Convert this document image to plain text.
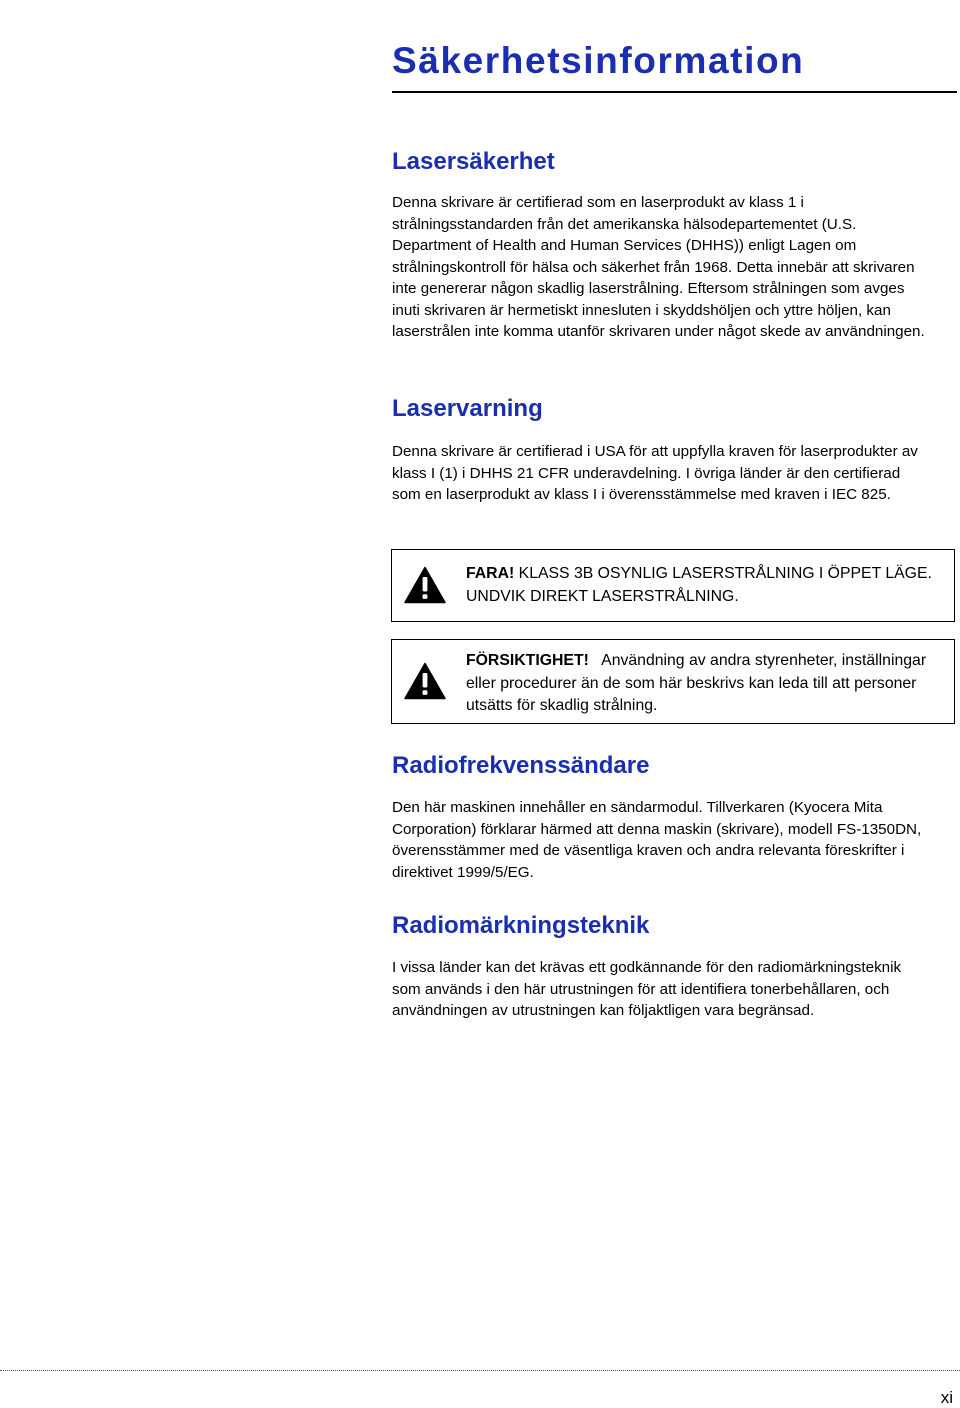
Säkerhetsinformation
Lasersäkerhet

Denna skrivare är certifierad som en laserprodukt av klass 1 i strålningsstandarden från det amerikanska hälsodepartementet (U.S. Department of Health and Human Services (DHHS)) enligt Lagen om strålningskontroll för hälsa och säkerhet från 1968. Detta innebär att skrivaren inte genererar någon skadlig laserstrålning. Eftersom strålningen som avges inuti skrivaren är hermetiskt innesluten i skyddshöljen och yttre höljen, kan laserstrålen inte komma utanför skrivaren under något skede av användningen.

Laservarning

Denna skrivare är certifierad i USA för att uppfylla kraven för laserprodukter av klass I (1) i DHHS 21 CFR underavdelning. I övriga länder är den certifierad som en laserprodukt av klass I i överensstämmelse med kraven i IEC 825.

FARA! KLASS 3B OSYNLIG LASERSTRÅLNING I ÖPPET LÄGE. UNDVIK DIREKT LASERSTRÅLNING.

FÖRSIKTIGHET!   Användning av andra styrenheter, inställningar eller procedurer än de som här beskrivs kan leda till att personer utsätts för skadlig strålning.

Radiofrekvenssändare

Den här maskinen innehåller en sändarmodul. Tillverkaren (Kyocera Mita Corporation) förklarar härmed att denna maskin (skrivare), modell FS-1350DN, överensstämmer med de väsentliga kraven och andra relevanta föreskrifter i direktivet 1999/5/EG.

Radiomärkningsteknik

I vissa länder kan det krävas ett godkännande för den radiomärkningsteknik som används i den här utrustningen för att identifiera tonerbehållaren, och användningen av utrustningen kan följaktligen vara begränsad.

xi
